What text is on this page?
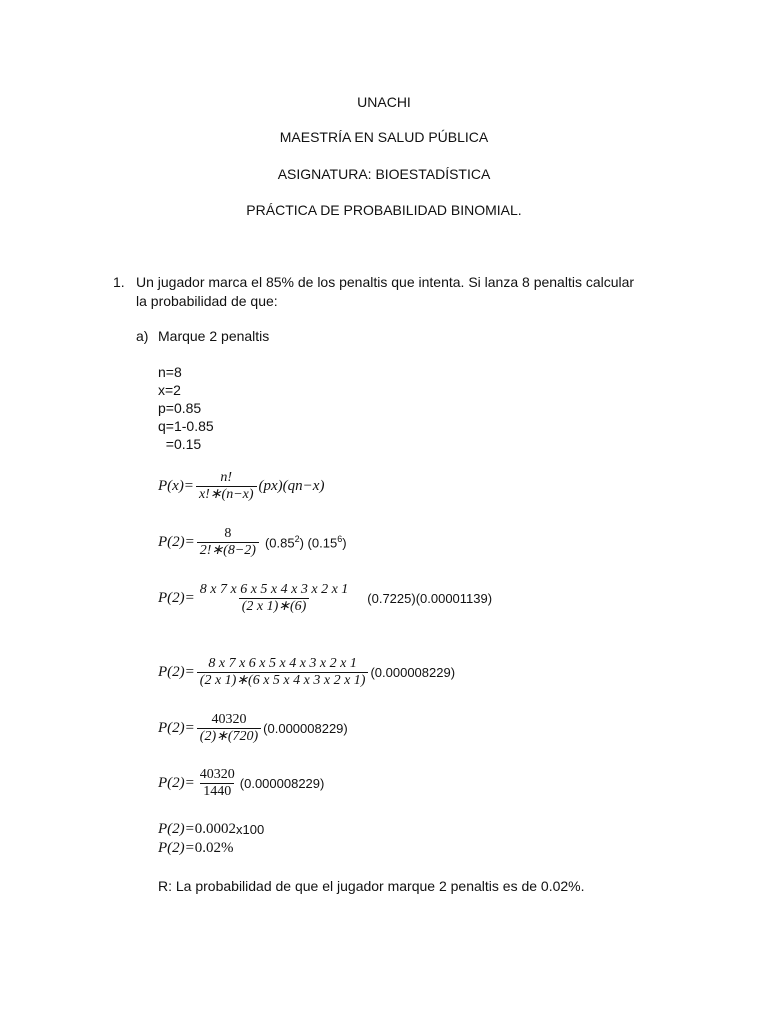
UNACHI
MAESTRÍA EN SALUD PÚBLICA
ASIGNATURA: BIOESTADÍSTICA
PRÁCTICA DE PROBABILIDAD BINOMIAL.
1. Un jugador marca el 85% de los penaltis que intenta. Si lanza 8 penaltis calcular
la probabilidad de que:
a) Marque 2 penaltis
n=8
x=2
p=0.85
q=1-0.85
=0.15
$P(x)= \frac{n!}{x!∗(n-x)} (px)(qn-x)$
$P(2)= \frac{8}{2!∗(8-2)} (0.85^2)$ (0.15$^6$)
$P(2)= \frac{8 x 7 x 6 x 5 x 4 x 3 x 2 x 1}{(2 x 1)∗(6)} (0.7225)(0.00001139)$
$P(2)= \frac{8 x 7 x 6 x 5 x 4 x 3 x 2 x 1}{(2 x 1)∗(6 x 5 x 4 x 3 x 2 x 1)} (0.000008229)$
$P(2)= \frac{40320}{(2)∗(720)} (0.000008229)$
$P(2)= \frac{40320}{1440} (0.000008229)$
P(2)= 0.0002 x100
P(2)= 0.02%
R: La probabilidad de que el jugador marque 2 penaltis es de 0.02%.
